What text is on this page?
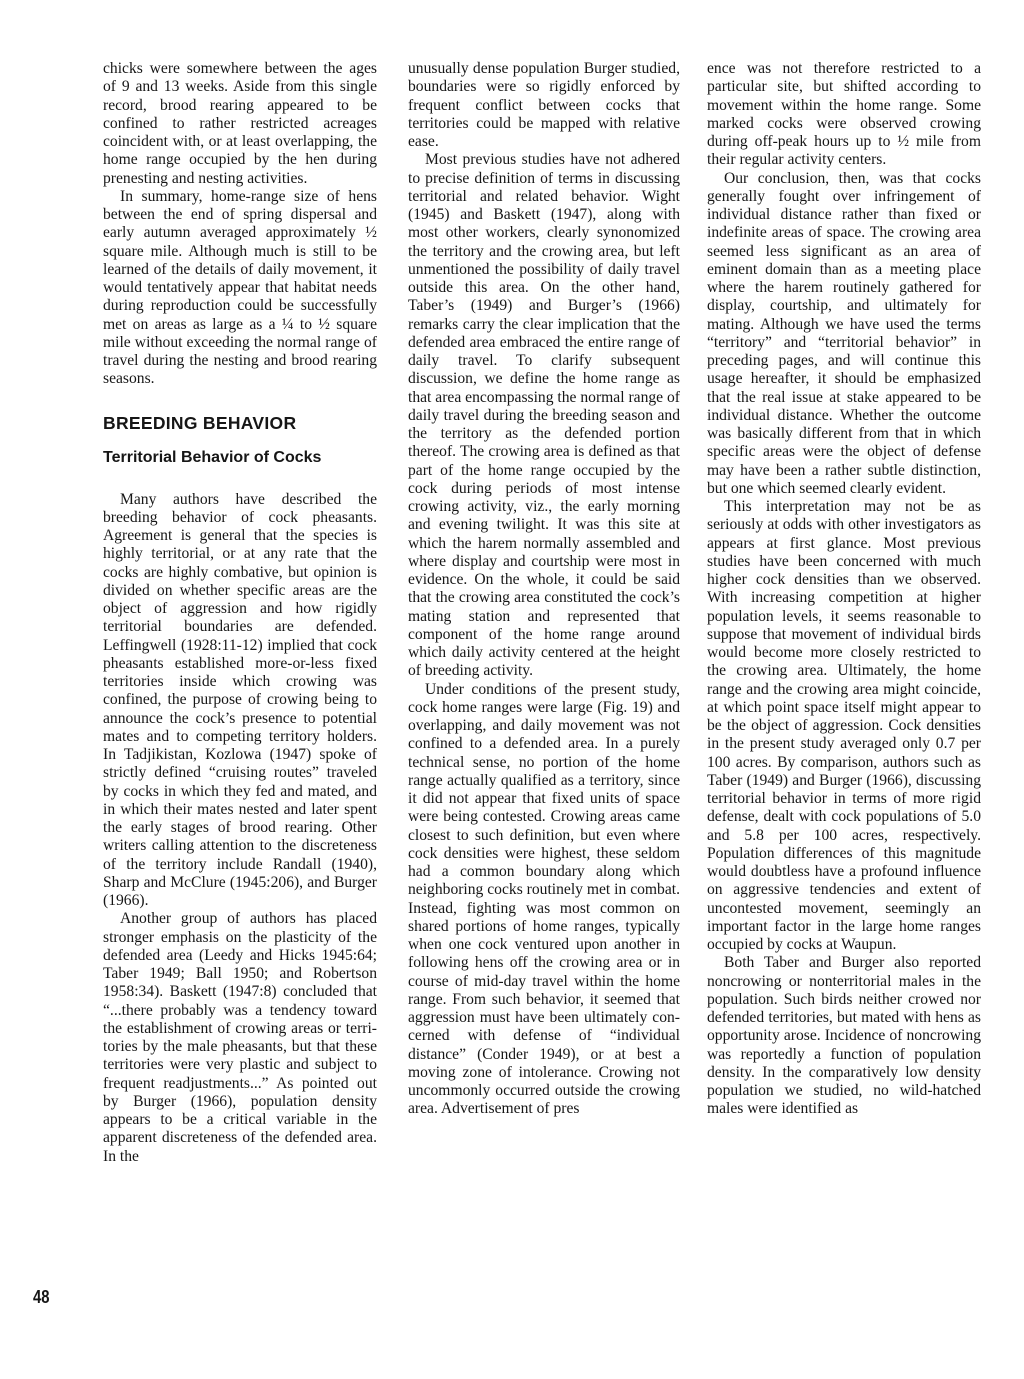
chicks were somewhere between the ages of 9 and 13 weeks. Aside from this single record, brood rearing appeared to be confined to rather restricted acreages coincident with, or at least overlapping, the home range occupied by the hen during prenesting and nesting activities.

In summary, home-range size of hens between the end of spring dispersal and early autumn averaged approximately ½ square mile. Although much is still to be learned of the details of daily movement, it would tentatively appear that habitat needs during reproduction could be successfully met on areas as large as a ¼ to ½ square mile without exceeding the normal range of travel during the nesting and brood rearing seasons.

BREEDING BEHAVIOR
Territorial Behavior of Cocks

Many authors have described the breeding behavior of cock pheasants. Agreement is general that the species is highly territorial, or at any rate that the cocks are highly combative, but opinion is divided on whether specific areas are the object of aggression and how rigidly territorial boundaries are defended. Leffingwell (1928:11-12) implied that cock pheasants established more-or-less fixed territories inside which crowing was confined, the purpose of crowing being to announce the cock’s presence to potential mates and to competing territory holders. In Tadjikistan, Kozlowa (1947) spoke of strictly defined “cruising routes” traveled by cocks in which they fed and mated, and in which their mates nested and later spent the early stages of brood rearing. Other writers calling attention to the discreteness of the territory include Randall (1940), Sharp and McClure (1945:206), and Burger (1966).

Another group of authors has placed stronger emphasis on the plasticity of the defended area (Leedy and Hicks 1945:64; Taber 1949; Ball 1950; and Robertson 1958:34). Baskett (1947:8) concluded that “...there probably was a tendency toward the establishment of crowing areas or territories by the male pheasants, but that these territories were very plastic and subject to frequent readjustments...” As pointed out by Burger (1966), population density appears to be a critical variable in the apparent discreteness of the defended area. In the

unusually dense population Burger studied, boundaries were so rigidly enforced by frequent conflict between cocks that territories could be mapped with relative ease.

Most previous studies have not adhered to precise definition of terms in discussing territorial and related behavior. Wight (1945) and Baskett (1947), along with most other workers, clearly synonomized the territory and the crowing area, but left unmentioned the possibility of daily travel outside this area. On the other hand, Taber’s (1949) and Burger’s (1966) remarks carry the clear implication that the defended area embraced the entire range of daily travel. To clarify subsequent discussion, we define the home range as that area encompassing the normal range of daily travel during the breeding season and the territory as the defended portion thereof. The crowing area is defined as that part of the home range occupied by the cock during periods of most intense crowing activity, viz., the early morning and evening twilight. It was this site at which the harem normally assembled and where display and courtship were most in evidence. On the whole, it could be said that the crowing area constituted the cock’s mating station and represented that component of the home range around which daily activity centered at the height of breeding activity.

Under conditions of the present study, cock home ranges were large (Fig. 19) and overlapping, and daily movement was not confined to a defended area. In a purely technical sense, no portion of the home range actually qualified as a territory, since it did not appear that fixed units of space were being contested. Crowing areas came closest to such definition, but even where cock densities were highest, these seldom had a common boundary along which neighboring cocks routinely met in combat. Instead, fighting was most common on shared portions of home ranges, typically when one cock ventured upon another in following hens off the crowing area or in course of mid-day travel within the home range. From such behavior, it seemed that aggression must have been ultimately concerned with defense of “individual distance” (Conder 1949), or at best a moving zone of intolerance. Crowing not uncommonly occurred outside the crowing area. Advertisement of pres

ence was not therefore restricted to a particular site, but shifted according to movement within the home range. Some marked cocks were observed crowing during off-peak hours up to ½ mile from their regular activity centers.

Our conclusion, then, was that cocks generally fought over infringement of individual distance rather than fixed or indefinite areas of space. The crowing area seemed less significant as an area of eminent domain than as a meeting place where the harem routinely gathered for display, courtship, and ultimately for mating. Although we have used the terms “territory” and “territorial behavior” in preceding pages, and will continue this usage hereafter, it should be emphasized that the real issue at stake appeared to be individual distance. Whether the outcome was basically different from that in which specific areas were the object of defense may have been a rather subtle distinction, but one which seemed clearly evident.

This interpretation may not be as seriously at odds with other investigators as appears at first glance. Most previous studies have been concerned with much higher cock densities than we observed. With increasing competition at higher population levels, it seems reasonable to suppose that movement of individual birds would become more closely restricted to the crowing area. Ultimately, the home range and the crowing area might coincide, at which point space itself might appear to be the object of aggression. Cock densities in the present study averaged only 0.7 per 100 acres. By comparison, authors such as Taber (1949) and Burger (1966), discussing territorial behavior in terms of more rigid defense, dealt with cock populations of 5.0 and 5.8 per 100 acres, respectively. Population differences of this magnitude would doubtless have a profound influence on aggressive tendencies and extent of uncontested movement, seemingly an important factor in the large home ranges occupied by cocks at Waupun.

Both Taber and Burger also reported noncrowing or nonterritorial males in the population. Such birds neither crowed nor defended territories, but mated with hens as opportunity arose. Incidence of noncrowing was reportedly a function of population density. In the comparatively low density population we studied, no wild-hatched males were identified as

48
